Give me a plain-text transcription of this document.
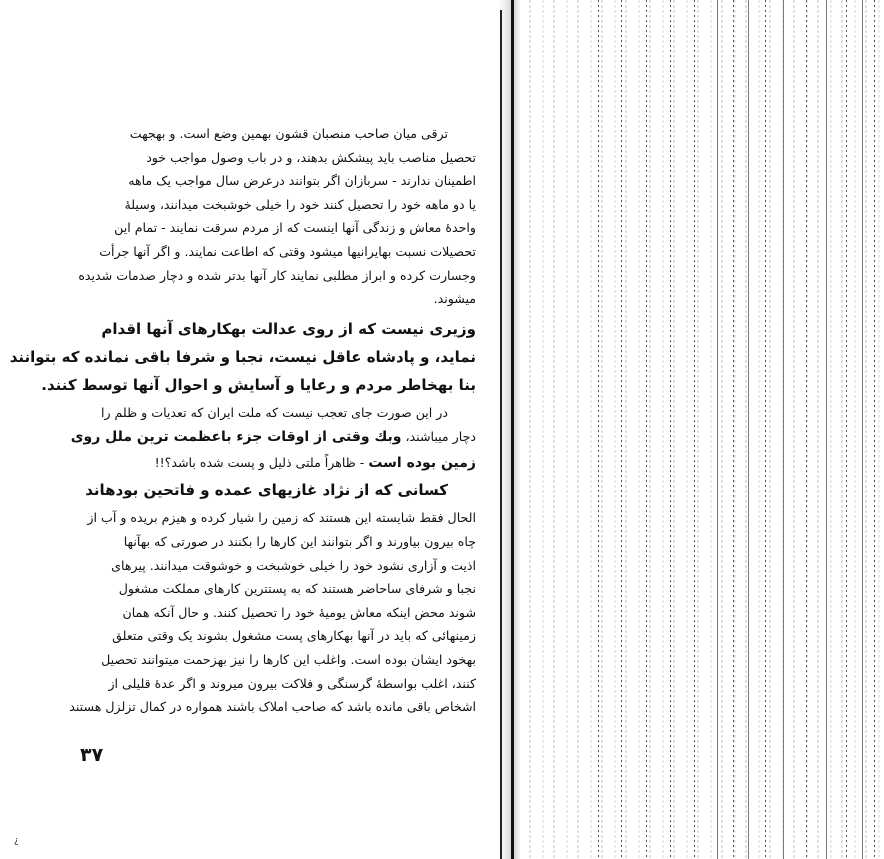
ترقی میان صاحب منصبان قشون بهمین وضع است. و بهجهت
تحصیل مناصب باید پیشکش بدهند، و در باب وصول مواجب خود
اطمینان ندارند - سربازان اگر بتوانند درعرض سال مواجب یک ماهه
یا دو ماهه خود را تحصیل کنند خود را خیلی خوشبخت میدانند، وسیلهٔ
واحدهٔ معاش و زندگی آنها اینست که از مردم سرقت نمایند - تمام این
تحصیلات نسبت بهایرانیها میشود وقتی که اطاعت نمایند. و اگر آنها جرأت
وجسارت کرده و ابراز مطلبی نمایند کار آنها بدتر شده و دچار صدمات شدیده
میشوند.
وزیری نیست که از روی عدالت بهکارهای آنها اقدام
نماید، و پادشاه عاقل نیست، نجبا و شرفا باقی نمانده که بتوانند
بنا بهخاطر مردم و رعایا و آسایش و احوال آنها توسط کنند.
در این صورت جای تعجب نیست که ملت ایران که تعدیات و ظلم را
دچار میباشند، وبك وقتی از اوقات جزء باعظمت ترین ملل روی
زمین بوده است - ظاهراً ملتی ذلیل و پست شده باشد؟!!
کسانی که از نژاد غازیهای عمده و فاتحین بودهاند
الحال فقط شایسته این هستند که زمین را شیار کرده و هیزم بریده و آب از
چاه بیرون بیاورند و اگر بتوانند این کارها را بکنند در صورتی که بهآنها
اذیت و آزاری نشود خود را خیلی خوشبخت و خوشوقت میدانند. پیرهای
نجبا و شرفای ساحاضر هستند که به پستترین کارهای مملکت مشغول
شوند محض اینکه معاش یومیهٔ خود را تحصیل کنند. و حال آنکه همان
زمینهائی که باید در آنها بهکارهای پست مشغول بشوند یک وقتی متعلق
بهخود ایشان بوده است. واغلب این کارها را نیز بهزحمت میتوانند تحصیل
کنند، اغلب بواسطهٔ گرسنگی و فلاکت بیرون میروند و اگر عدهٔ قلیلی از
اشخاص باقی مانده باشد که صاحب املاک باشند همواره در کمال تزلزل هستند
۳۷
¿
